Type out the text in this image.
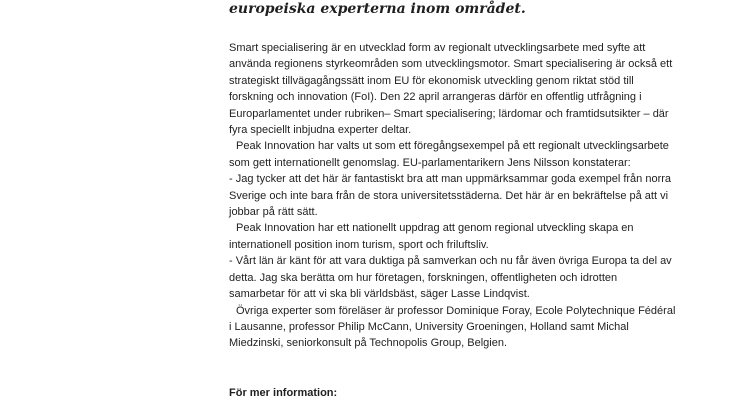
europeiska experterna inom området.

Smart specialisering är en utvecklad form av regionalt utvecklingsarbete med syfte att
använda regionens styrkeområden som utvecklingsmotor. Smart specialisering är också ett
strategiskt tillvägagångssätt inom EU för ekonomisk utveckling genom riktat stöd till
forskning och innovation (FoI). Den 22 april arrangeras därför en offentlig utfrågning i
Europarlamentet under rubriken– Smart specialisering; lärdomar och framtidsutsikter – där
fyra speciellt inbjudna experter deltar.

Peak Innovation har valts ut som ett föregångsexempel på ett regionalt utvecklingsarbete
som gett internationellt genomslag. EU-parlamentarikern Jens Nilsson konstaterar:

- Jag tycker att det här är fantastiskt bra att man uppmärksammar goda exempel från norra
Sverige och inte bara från de stora universitetsstäderna. Det här är en bekräftelse på att vi
jobbar på rätt sätt.

Peak Innovation har ett nationellt uppdrag att genom regional utveckling skapa en
internationell position inom turism, sport och friluftsliv.

- Vårt län är känt för att vara duktiga på samverkan och nu får även övriga Europa ta del av
detta. Jag ska berätta om hur företagen, forskningen, offentligheten och idrotten
samarbetar för att vi ska bli världsbäst, säger Lasse Lindqvist.

Övriga experter som föreläser är professor Dominique Foray, Ecole Polytechnique Fédéral
i Lausanne, professor Philip McCann, University Groeningen, Holland samt Michal
Miedzinski, seniorkonsult på Technopolis Group, Belgien.

För mer information:
